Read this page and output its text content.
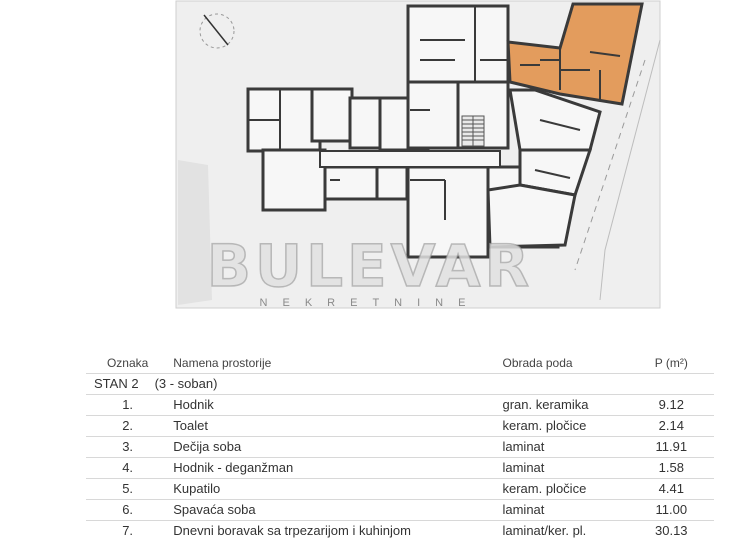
BULEVAR
NEKRETNINE
Oznaka	Namena prostorije	Obrada poda	P (m²)
STAN 2 (3 - soban)			
1.	Hodnik	gran. keramika	9.12
2.	Toalet	keram. pločice	2.14
3.	Dečija soba	laminat	11.91
4.	Hodnik - deganžman	laminat	1.58
5.	Kupatilo	keram. pločice	4.41
6.	Spavaća soba	laminat	11.00
7.	Dnevni boravak sa trpezarijom i kuhinjom	laminat/ker. pl.	30.13
